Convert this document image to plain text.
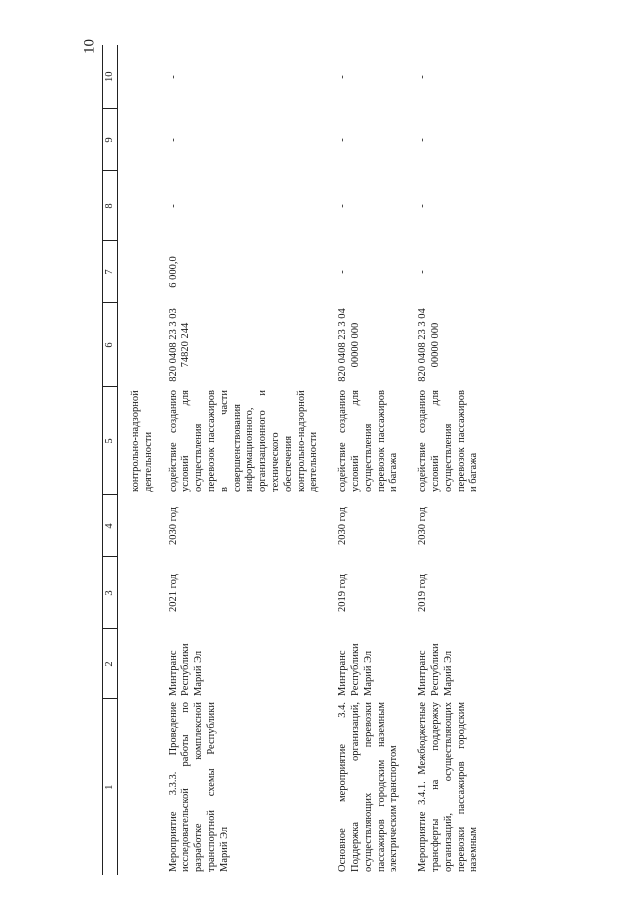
10
1	2	3	4	5	6	7	8	9	10
				контрольно-надзорной деятельности					
Мероприятие 3.3.3. Проведение исследовательской работы по разработке комплексной транспортной схемы Республики Марий Эл	Минтранс Республики Марий Эл	2021 год	2030 год	содействие созданию условий для осуществления перевозок пассажиров в части совершенствования информационного, организационного и технического обеспечения контрольно-надзорной деятельности	820 0408 23 3 03 74820 244	6 000,0	-	-	-
Основное мероприятие 3.4. Поддержка организаций, осуществляющих перевозки пассажиров городским наземным электрическим транспортом	Минтранс Республики Марий Эл	2019 год	2030 год	содействие созданию условий для осуществления перевозок пассажиров и багажа	820 0408 23 3 04 00000 000	-	-	-	-
Мероприятие 3.4.1. Межбюджетные трансферты на поддержку организаций, осуществляющих перевозки пассажиров городским наземным	Минтранс Республики Марий Эл	2019 год	2030 год	содействие созданию условий для осуществления перевозок пассажиров и багажа	820 0408 23 3 04 00000 000	-	-	-	-
